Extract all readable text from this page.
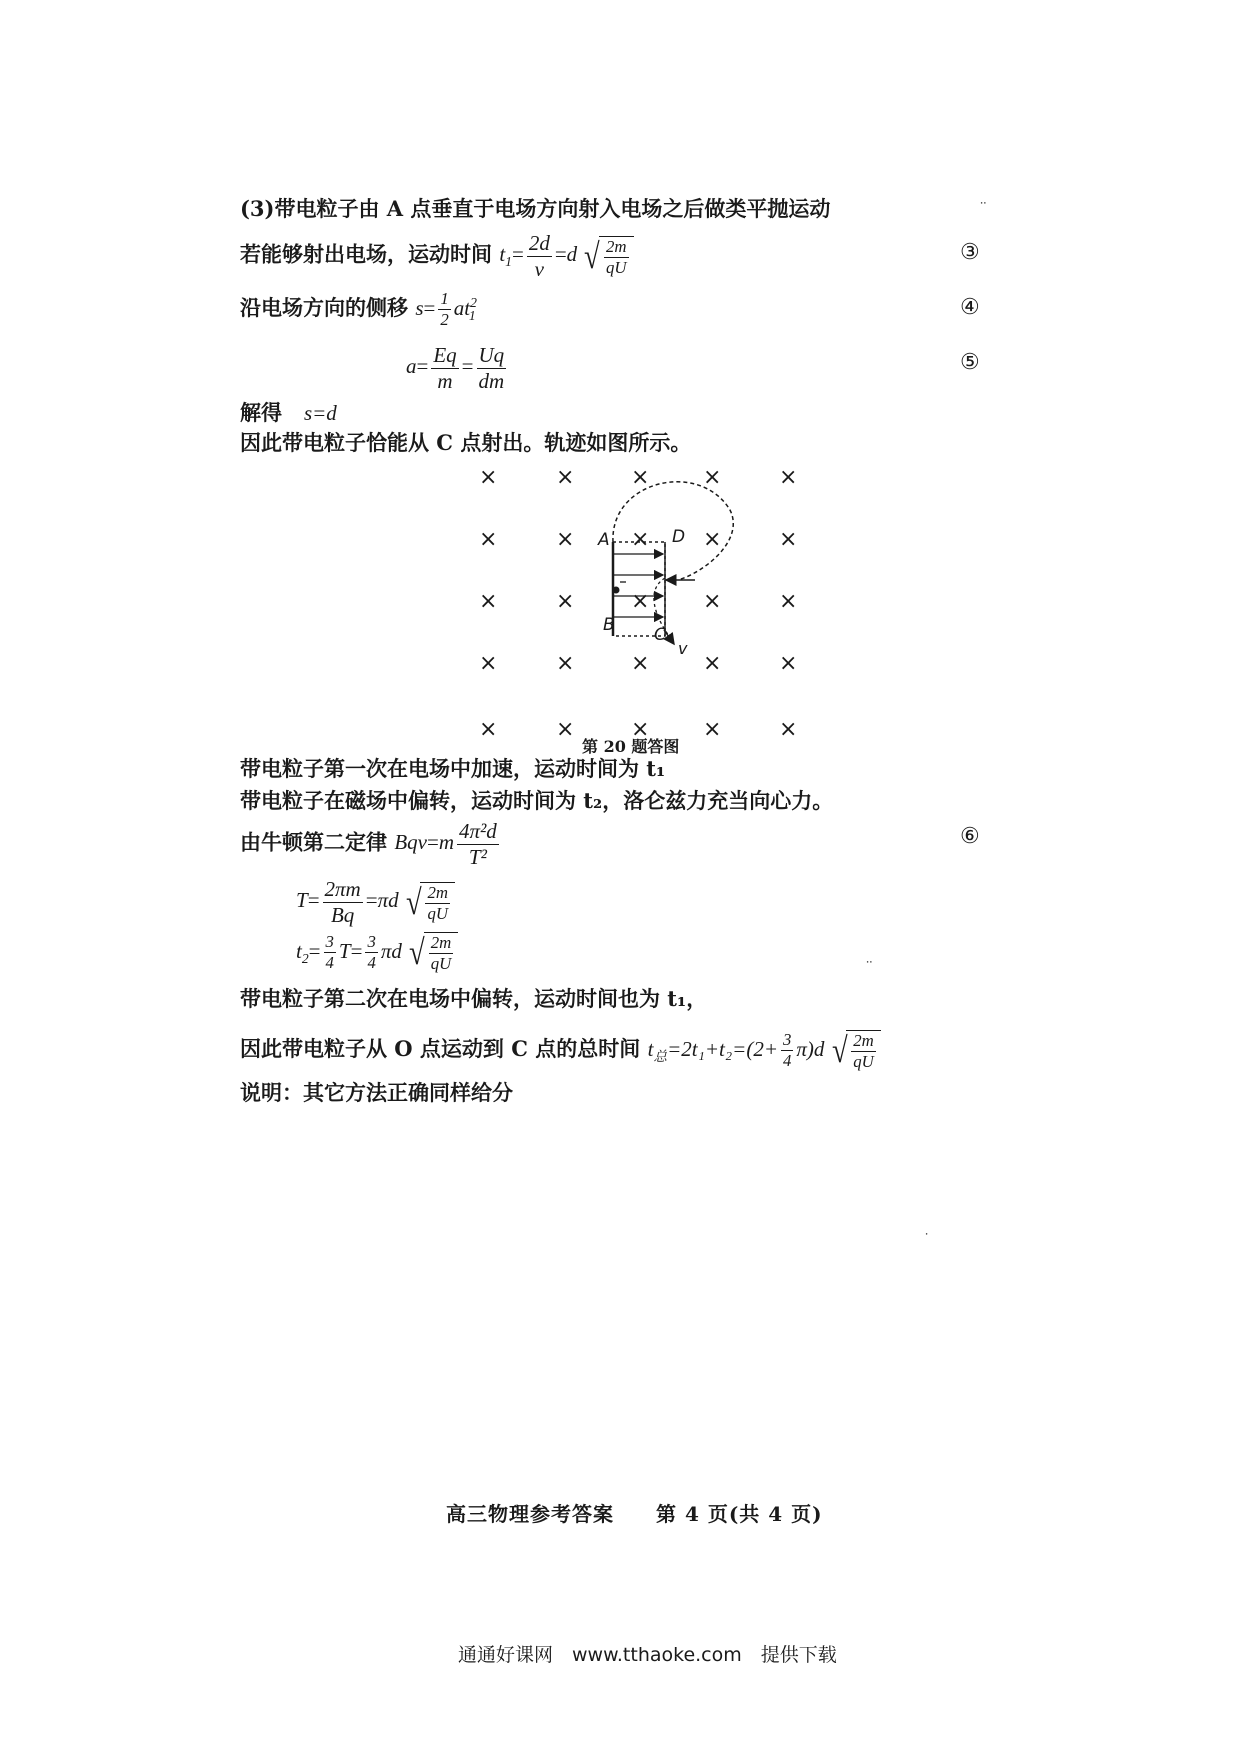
(3)带电粒子由 A 点垂直于电场方向射入电场之后做类平抛运动
若能够射出电场，运动时间 $t_1= \frac{2d}{v} =d$ √ $\frac{2m}{qU}$	③
沿电场方向的侧移 $s= \frac{1}{2} at^2_1$	④
$a= \frac{Eq}{m} = \frac{Uq}{dm}$	⑤
解得 s=d
因此带电粒子恰能从 C 点射出。轨迹如图所示。
×	×	× ×	×
×	×	× ×	×
×	×	× ×	×
×	×	× ×	×
×	×	× ×	×
A
B C
D
v
第 20 题答图
带电粒子第一次在电场中加速，运动时间为 t₁
带电粒子在磁场中偏转，运动时间为 t₂，洛仑兹力充当向心力。
由牛顿第二定律 $Bqv=m \frac{\text{4π²d}}{\text{T²}}$	⑥
$T= \frac{2\pi m}{Bq} =\pi d$ √ $\frac{2m}{qU}$
$t_2= \frac{3}{4} T= \frac{3}{4}$ πd √ $\frac{2m}{qU}$
带电粒子第二次在电场中偏转，运动时间也为 t₁，
因此带电粒子从 O 点运动到 C 点的总时间 $t_总=2t_1+t_2=(2+ \frac{3}{4} \pi)d$ √ $\frac{2m}{qU}$
说明：其它方法正确同样给分
高三物理参考答案　　第 4 页(共 4 页)
通通好课网　www.tthaoke.com　提供下载
⸱⸱
⸱⸱
⸱
